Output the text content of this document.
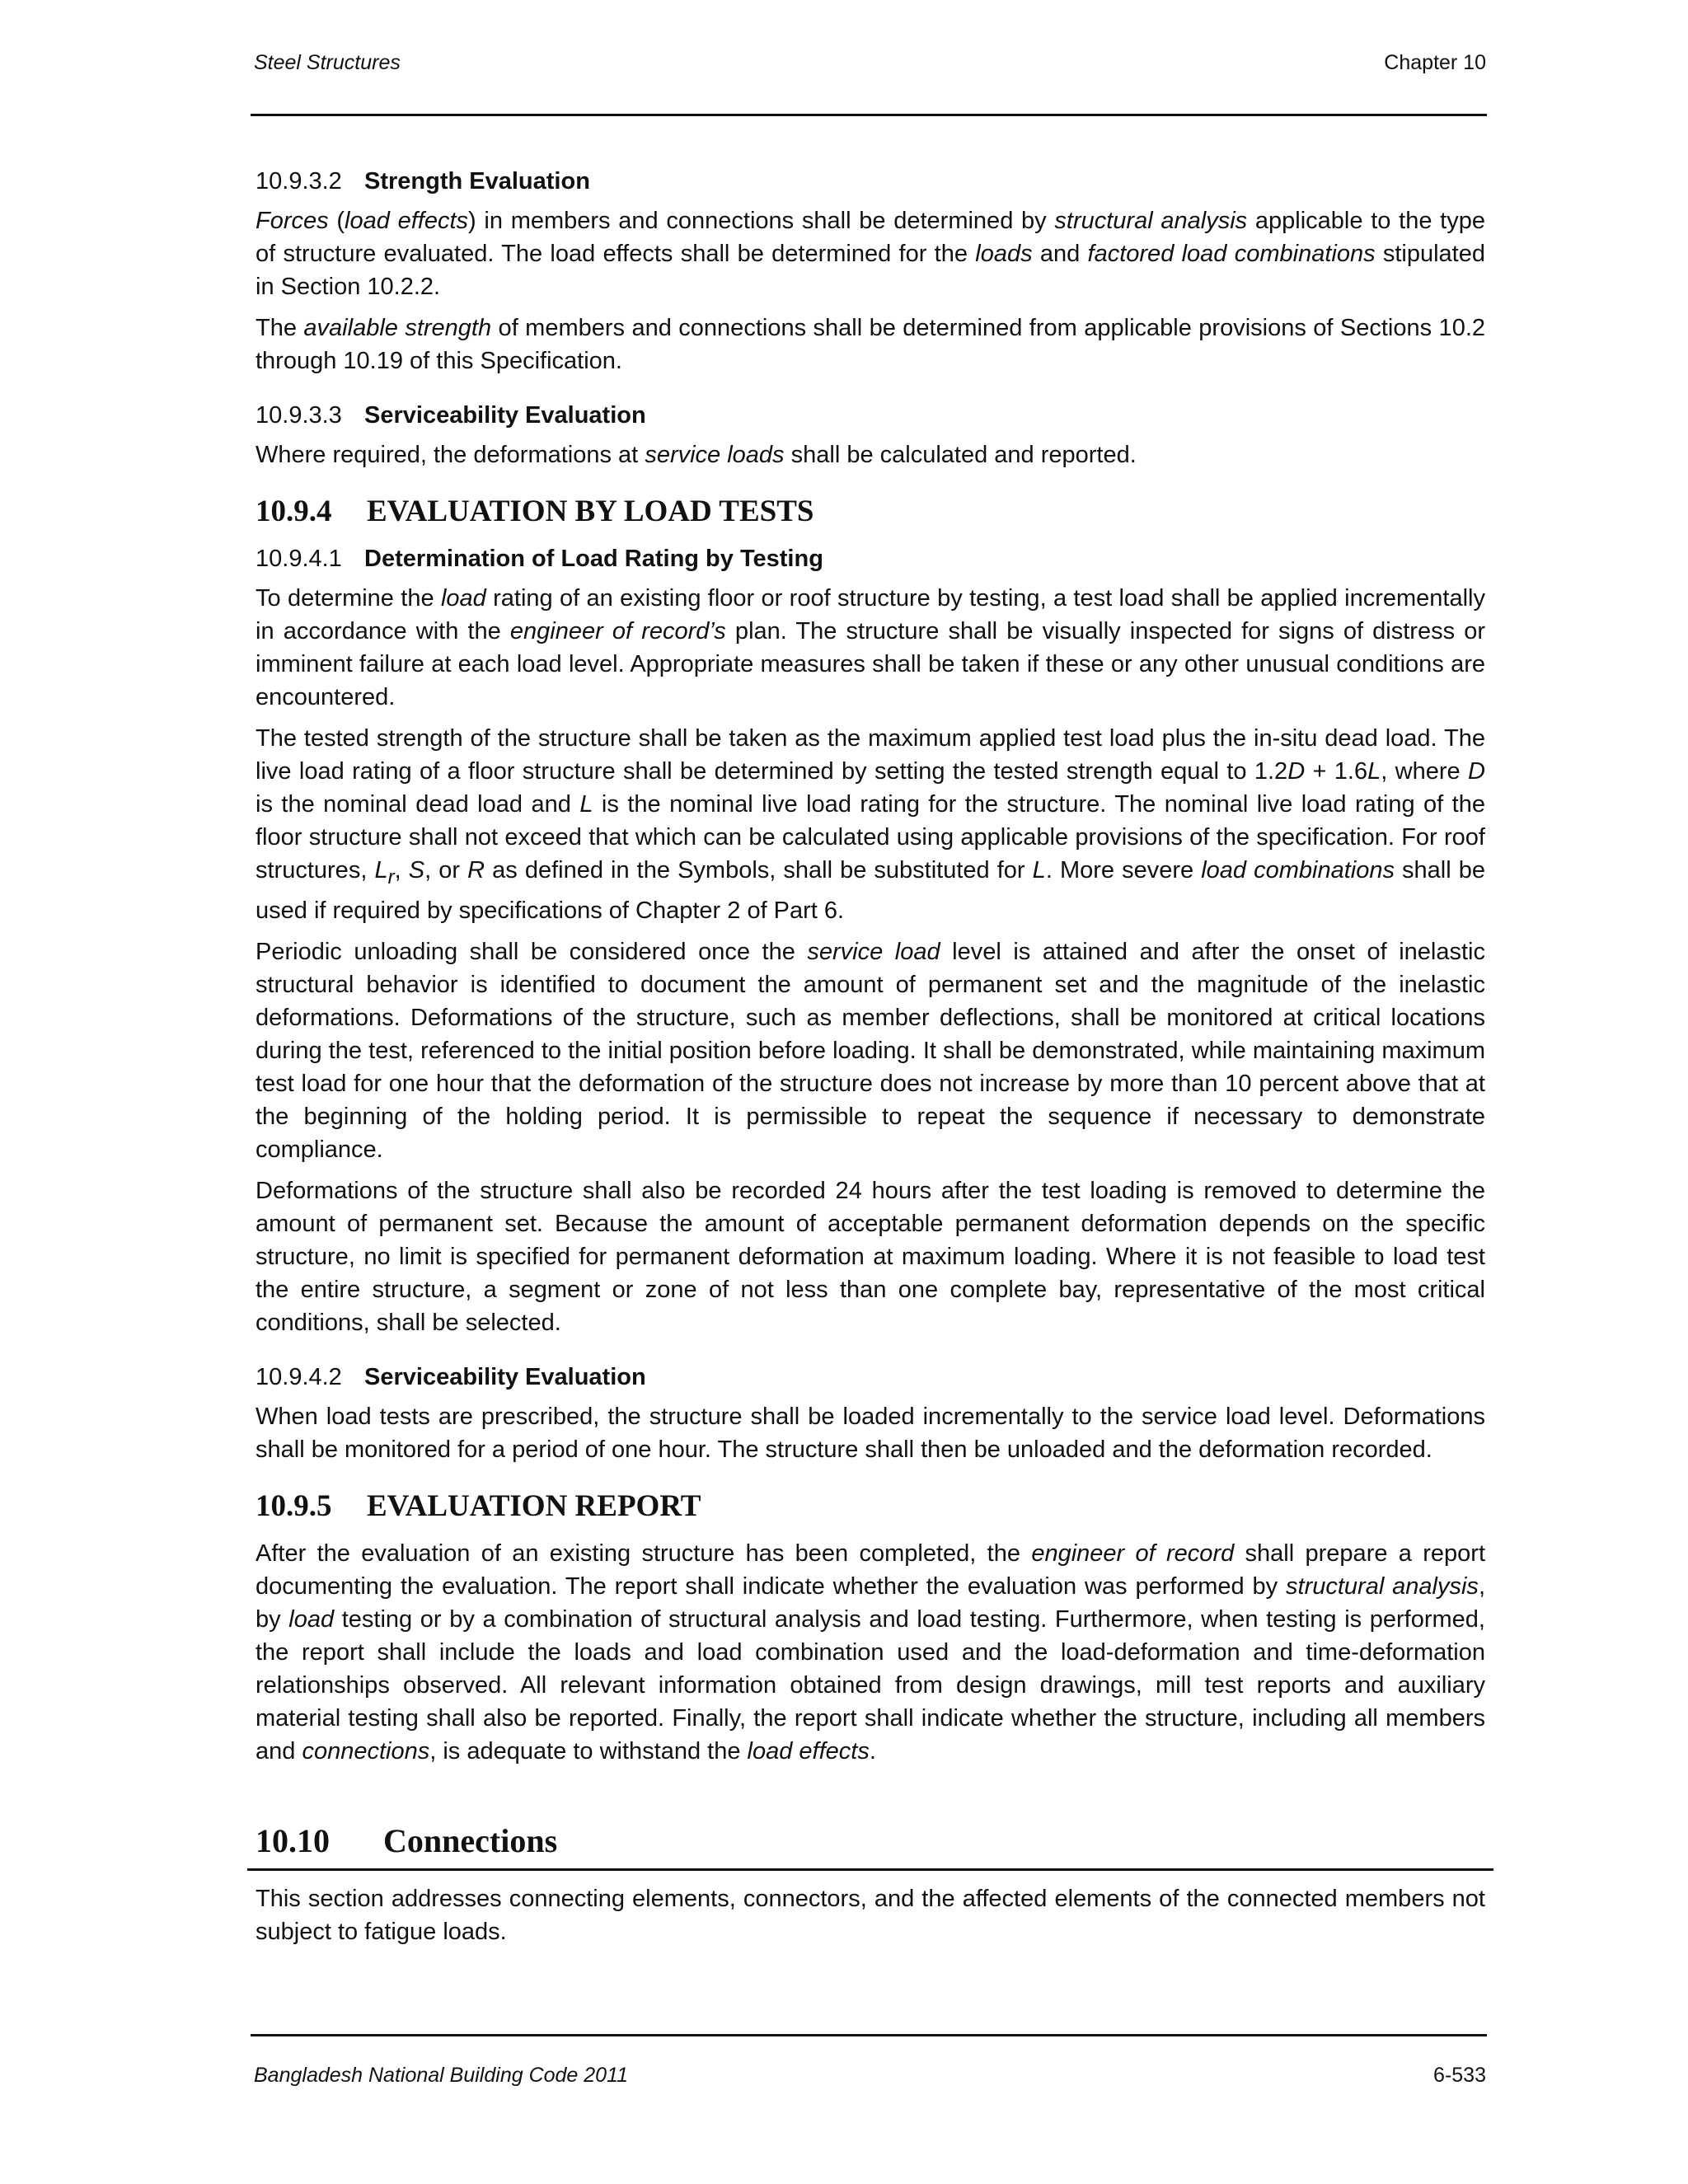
Steel Structures	Chapter 10
10.9.3.2 Strength Evaluation

Forces (load effects) in members and connections shall be determined by structural analysis applicable to the type of structure evaluated. The load effects shall be determined for the loads and factored load combinations stipulated in Section 10.2.2.

The available strength of members and connections shall be determined from applicable provisions of Sections 10.2 through 10.19 of this Specification.

10.9.3.3 Serviceability Evaluation

Where required, the deformations at service loads shall be calculated and reported.

10.9.4 EVALUATION BY LOAD TESTS
10.9.4.1 Determination of Load Rating by Testing

To determine the load rating of an existing floor or roof structure by testing, a test load shall be applied incrementally in accordance with the engineer of record’s plan. The structure shall be visually inspected for signs of distress or imminent failure at each load level. Appropriate measures shall be taken if these or any other unusual conditions are encountered.

The tested strength of the structure shall be taken as the maximum applied test load plus the in-situ dead load. The live load rating of a floor structure shall be determined by setting the tested strength equal to 1.2D + 1.6L, where D is the nominal dead load and L is the nominal live load rating for the structure. The nominal live load rating of the floor structure shall not exceed that which can be calculated using applicable provisions of the specification. For roof structures, $L_r$, S, or R as defined in the Symbols, shall be substituted for L. More severe load combinations shall be used if required by specifications of Chapter 2 of Part 6.

Periodic unloading shall be considered once the service load level is attained and after the onset of inelastic structural behavior is identified to document the amount of permanent set and the magnitude of the inelastic deformations. Deformations of the structure, such as member deflections, shall be monitored at critical locations during the test, referenced to the initial position before loading. It shall be demonstrated, while maintaining maximum test load for one hour that the deformation of the structure does not increase by more than 10 percent above that at the beginning of the holding period. It is permissible to repeat the sequence if necessary to demonstrate compliance.

Deformations of the structure shall also be recorded 24 hours after the test loading is removed to determine the amount of permanent set. Because the amount of acceptable permanent deformation depends on the specific structure, no limit is specified for permanent deformation at maximum loading. Where it is not feasible to load test the entire structure, a segment or zone of not less than one complete bay, representative of the most critical conditions, shall be selected.

10.9.4.2 Serviceability Evaluation

When load tests are prescribed, the structure shall be loaded incrementally to the service load level. Deformations shall be monitored for a period of one hour. The structure shall then be unloaded and the deformation recorded.

10.9.5 EVALUATION REPORT

After the evaluation of an existing structure has been completed, the engineer of record shall prepare a report documenting the evaluation. The report shall indicate whether the evaluation was performed by structural analysis, by load testing or by a combination of structural analysis and load testing. Furthermore, when testing is performed, the report shall include the loads and load combination used and the load-deformation and time-deformation relationships observed. All relevant information obtained from design drawings, mill test reports and auxiliary material testing shall also be reported. Finally, the report shall indicate whether the structure, including all members and connections, is adequate to withstand the load effects.

10.10 Connections

This section addresses connecting elements, connectors, and the affected elements of the connected members not subject to fatigue loads.

Bangladesh National Building Code 2011	6-533
